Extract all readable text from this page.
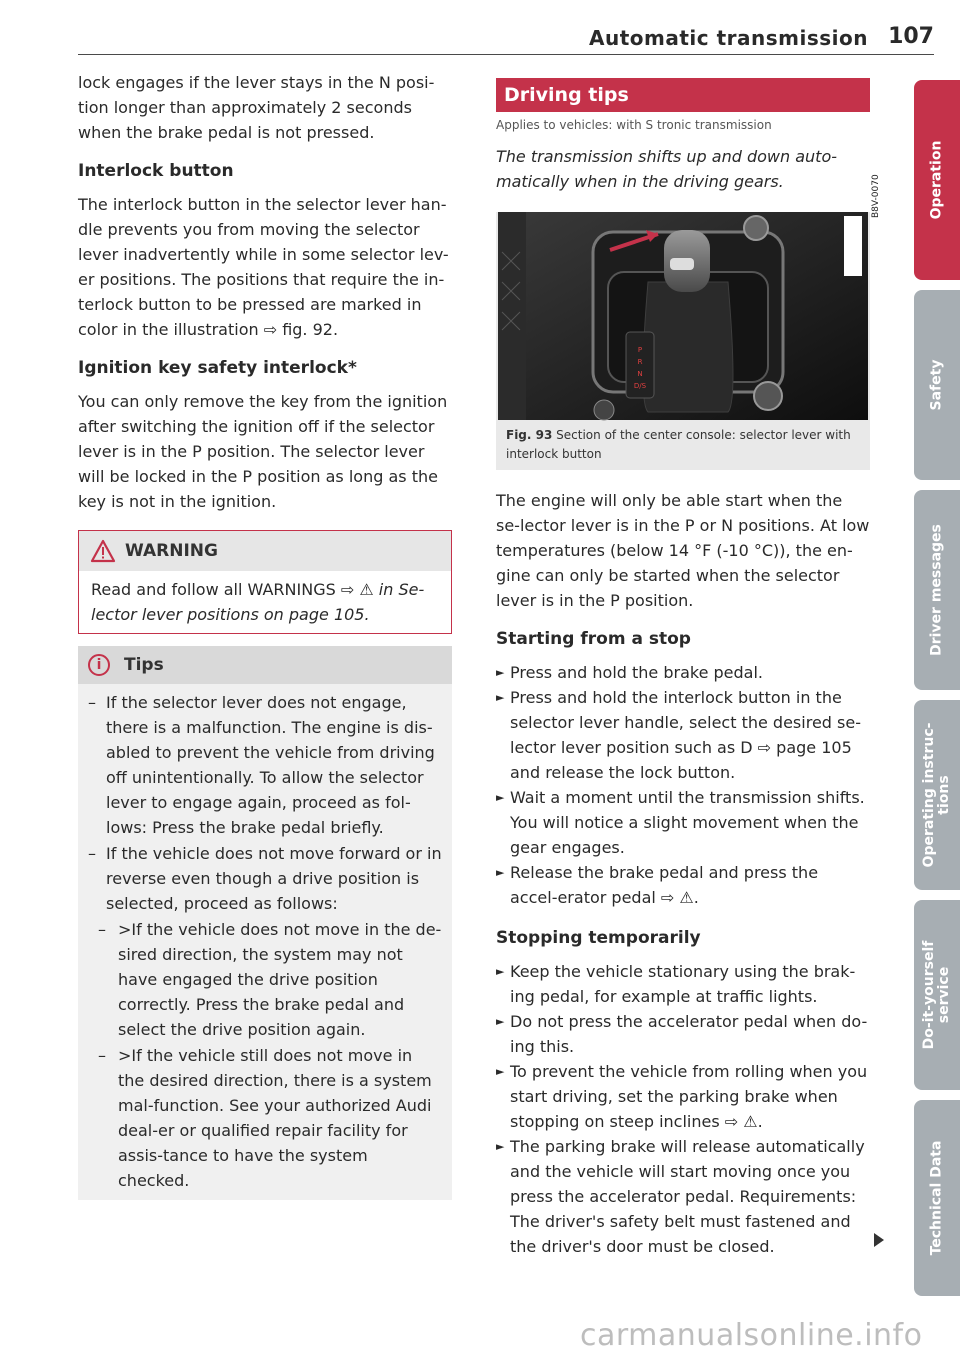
Automatic transmission 107

lock engages if the lever stays in the N posi-tion longer than approximately 2 seconds when the brake pedal is not pressed.

Interlock button

The interlock button in the selector lever han-dle prevents you from moving the selector lever inadvertently while in some selector lev-er positions. The positions that require the in-terlock button to be pressed are marked in color in the illustration ⇨ fig. 92.

Ignition key safety interlock*

You can only remove the key from the ignition after switching the ignition off if the selector lever is in the P position. The selector lever will be locked in the P position as long as the key is not in the ignition.

WARNING
Read and follow all WARNINGS ⇨ ⚠ in Se-lector lever positions on page 105.
i	Tips
– If the selector lever does not engage, there is a malfunction. The engine is dis-abled to prevent the vehicle from driving off unintentionally. To allow the selector lever to engage again, proceed as fol-lows: Press the brake pedal briefly.
– If the vehicle does not move forward or in reverse even though a drive position is selected, proceed as follows:
– >If the vehicle does not move in the de-sired direction, the system may not have engaged the drive position correctly. Press the brake pedal and select the drive position again.
– >If the vehicle still does not move in the desired direction, there is a system mal-function. See your authorized Audi deal-er or qualified repair facility for assis-tance to have the system checked.
Driving tips
Applies to vehicles: with S tronic transmission

The transmission shifts up and down auto-matically when in the driving gears.

P
R
N
D/S
B8V-0070
Fig. 93 Section of the center console: selector lever with interlock button

The engine will only be able start when the se-lector lever is in the P or N positions. At low temperatures (below 14 °F (-10 °C)), the en-gine can only be started when the selector lever is in the P position.

Starting from a stop
► Press and hold the brake pedal.
► Press and hold the interlock button in the selector lever handle, select the desired se-lector lever position such as D ⇨ page 105 and release the lock button.
► Wait a moment until the transmission shifts. You will notice a slight movement when the gear engages.
► Release the brake pedal and press the accel-erator pedal ⇨ ⚠.
Stopping temporarily
► Keep the vehicle stationary using the brak-ing pedal, for example at traffic lights.
► Do not press the accelerator pedal when do-ing this.
► To prevent the vehicle from rolling when you start driving, set the parking brake when stopping on steep inclines ⇨ ⚠.
► The parking brake will release automatically and the vehicle will start moving once you press the accelerator pedal. Requirements: The driver's safety belt must fastened and the driver's door must be closed.
Operation
Safety
Driver messages
Operating instruc-tions
Do-it-yourself service
Technical Data
carmanualsonline.info
